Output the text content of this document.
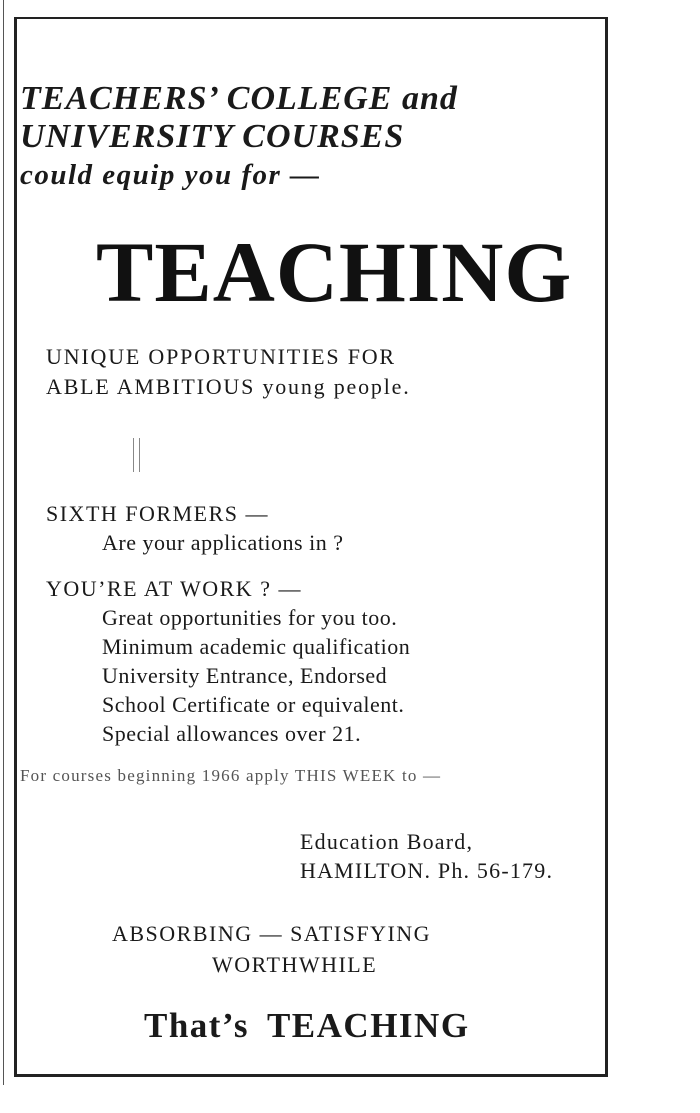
TEACHERS’ COLLEGE and
UNIVERSITY COURSES
could equip you for —
TEACHING
UNIQUE OPPORTUNITIES FOR
ABLE AMBITIOUS young people.
SIXTH FORMERS —
Are your applications in ?
YOU’RE AT WORK ? —
Great opportunities for you too.
Minimum academic qualification
University Entrance, Endorsed
School Certificate or equivalent.
Special allowances over 21.
For courses beginning 1966 apply THIS WEEK to —
Education Board,
HAMILTON. Ph. 56-179.
ABSORBING — SATISFYING
WORTHWHILE
That’s TEACHING
